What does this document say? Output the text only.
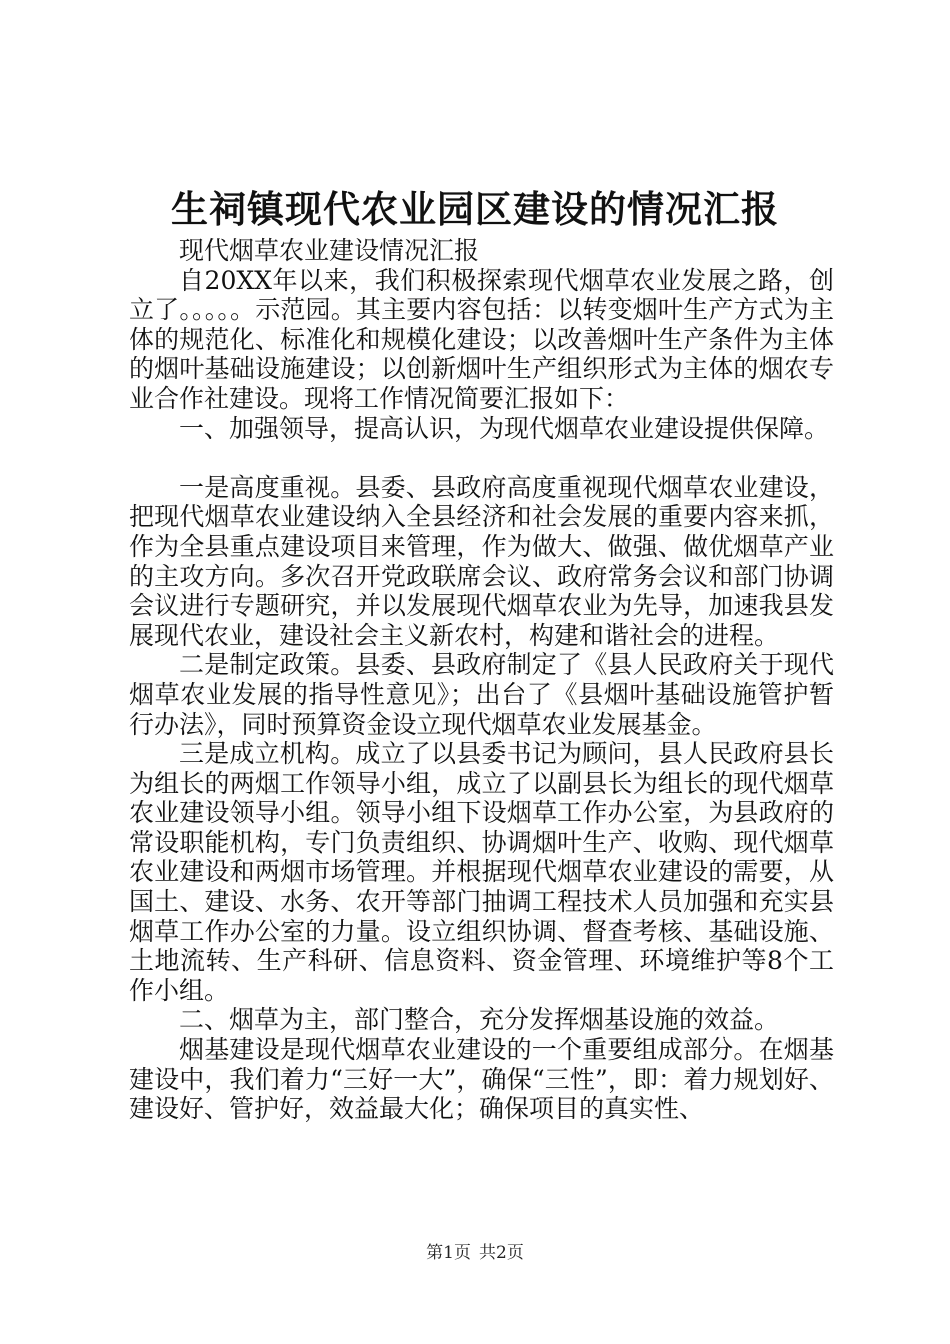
生祠镇现代农业园区建设的情况汇报

现代烟草农业建设情况汇报

自20XX年以来，我们积极探索现代烟草农业发展之路，创立了。。。。。示范园。其主要内容包括：以转变烟叶生产方式为主体的规范化、标准化和规模化建设；以改善烟叶生产条件为主体的烟叶基础设施建设；以创新烟叶生产组织形式为主体的烟农专业合作社建设。现将工作情况简要汇报如下：

一、加强领导，提高认识，为现代烟草农业建设提供保障。

一是高度重视。县委、县政府高度重视现代烟草农业建设，把现代烟草农业建设纳入全县经济和社会发展的重要内容来抓，作为全县重点建设项目来管理，作为做大、做强、做优烟草产业的主攻方向。多次召开党政联席会议、政府常务会议和部门协调会议进行专题研究，并以发展现代烟草农业为先导，加速我县发展现代农业，建设社会主义新农村，构建和谐社会的进程。

二是制定政策。县委、县政府制定了《县人民政府关于现代烟草农业发展的指导性意见》；出台了《县烟叶基础设施管护暂行办法》，同时预算资金设立现代烟草农业发展基金。

三是成立机构。成立了以县委书记为顾问，县人民政府县长为组长的两烟工作领导小组，成立了以副县长为组长的现代烟草农业建设领导小组。领导小组下设烟草工作办公室，为县政府的常设职能机构，专门负责组织、协调烟叶生产、收购、现代烟草农业建设和两烟市场管理。并根据现代烟草农业建设的需要，从国土、建设、水务、农开等部门抽调工程技术人员加强和充实县烟草工作办公室的力量。设立组织协调、督查考核、基础设施、土地流转、生产科研、信息资料、资金管理、环境维护等8个工作小组。

二、烟草为主，部门整合，充分发挥烟基设施的效益。

烟基建设是现代烟草农业建设的一个重要组成部分。在烟基建设中，我们着力“三好一大”，确保“三性”，即：着力规划好、建设好、管护好，效益最大化；确保项目的真实性、

第1页 共2页
